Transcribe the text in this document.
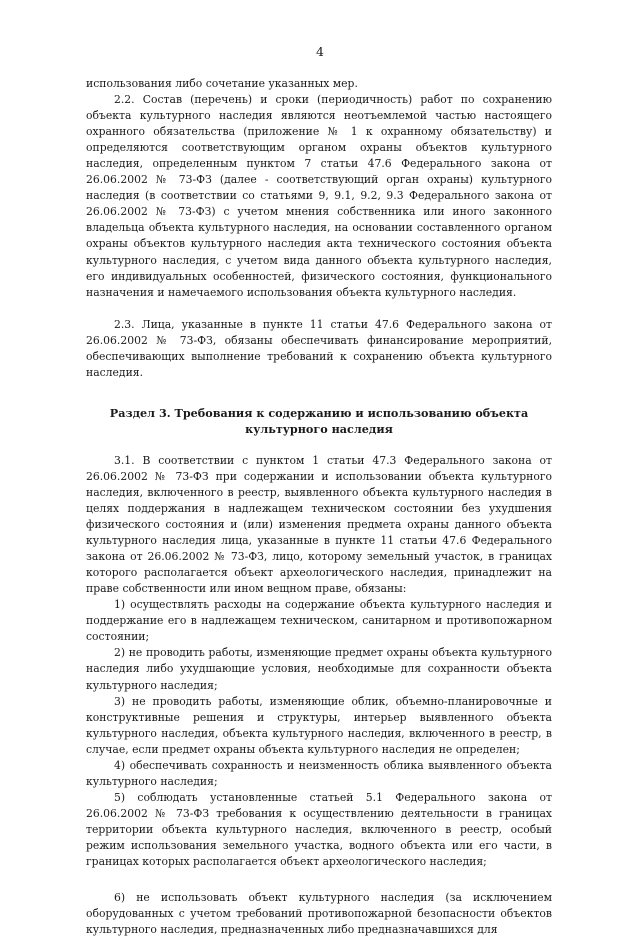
4

использования либо сочетание указанных мер.

2.2. Состав (перечень) и сроки (периодичность) работ по сохранению объекта культурного наследия являются неотъемлемой частью настоящего охранного обязательства (приложение № 1 к охранному обязательству) и определяются соответствующим органом охраны объектов культурного наследия, определенным пунктом 7 статьи 47.6 Федерального закона от 26.06.2002 № 73-ФЗ (далее - соответствующий орган охраны) культурного наследия (в соответствии со статьями 9, 9.1, 9.2, 9.3 Федерального закона от 26.06.2002 № 73-ФЗ) с учетом мнения собственника или иного законного владельца объекта культурного наследия, на основании составленного органом охраны объектов культурного наследия акта технического состояния объекта культурного наследия, с учетом вида данного объекта культурного наследия, его индивидуальных особенностей, физического состояния, функционального назначения и намечаемого использования объекта культурного наследия.

2.3. Лица, указанные в пункте 11 статьи 47.6 Федерального закона от 26.06.2002 № 73-ФЗ, обязаны обеспечивать финансирование мероприятий, обеспечивающих выполнение требований к сохранению объекта культурного наследия.

Раздел 3. Требования к содержанию и использованию объекта культурного наследия

3.1. В соответствии с пунктом 1 статьи 47.3 Федерального закона от 26.06.2002 № 73-ФЗ при содержании и использовании объекта культурного наследия, включенного в реестр, выявленного объекта культурного наследия в целях поддержания в надлежащем техническом состоянии без ухудшения физического состояния и (или) изменения предмета охраны данного объекта культурного наследия лица, указанные в пункте 11 статьи 47.6 Федерального закона от 26.06.2002 № 73-ФЗ, лицо, которому земельный участок, в границах которого располагается объект археологического наследия, принадлежит на праве собственности или ином вещном праве, обязаны:

1) осуществлять расходы на содержание объекта культурного наследия и поддержание его в надлежащем техническом, санитарном и противопожарном состоянии;

2) не проводить работы, изменяющие предмет охраны объекта культурного наследия либо ухудшающие условия, необходимые для сохранности объекта культурного наследия;

3) не проводить работы, изменяющие облик, объемно-планировочные и конструктивные решения и структуры, интерьер выявленного объекта культурного наследия, объекта культурного наследия, включенного в реестр, в случае, если предмет охраны объекта культурного наследия не определен;

4) обеспечивать сохранность и неизменность облика выявленного объекта культурного наследия;

5) соблюдать установленные статьей 5.1 Федерального закона от 26.06.2002 № 73-ФЗ требования к осуществлению деятельности в границах территории объекта культурного наследия, включенного в реестр, особый режим использования земельного участка, водного объекта или его части, в границах которых располагается объект археологического наследия;

6) не использовать объект культурного наследия (за исключением оборудованных с учетом требований противопожарной безопасности объектов культурного наследия, предназначенных либо предназначавшихся для
